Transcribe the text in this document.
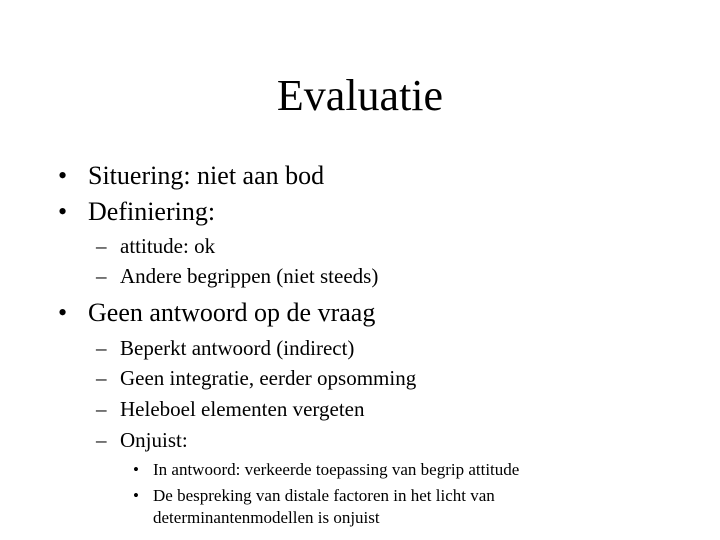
Evaluatie
• Situering: niet aan bod
• Definiering:
– attitude: ok
– Andere begrippen (niet steeds)
• Geen antwoord op de vraag
– Beperkt antwoord (indirect)
– Geen integratie, eerder opsomming
– Heleboel elementen vergeten
– Onjuist:
• In antwoord: verkeerde toepassing van begrip attitude
• De bespreking van distale factoren in het licht van
determinantenmodellen is onjuist
